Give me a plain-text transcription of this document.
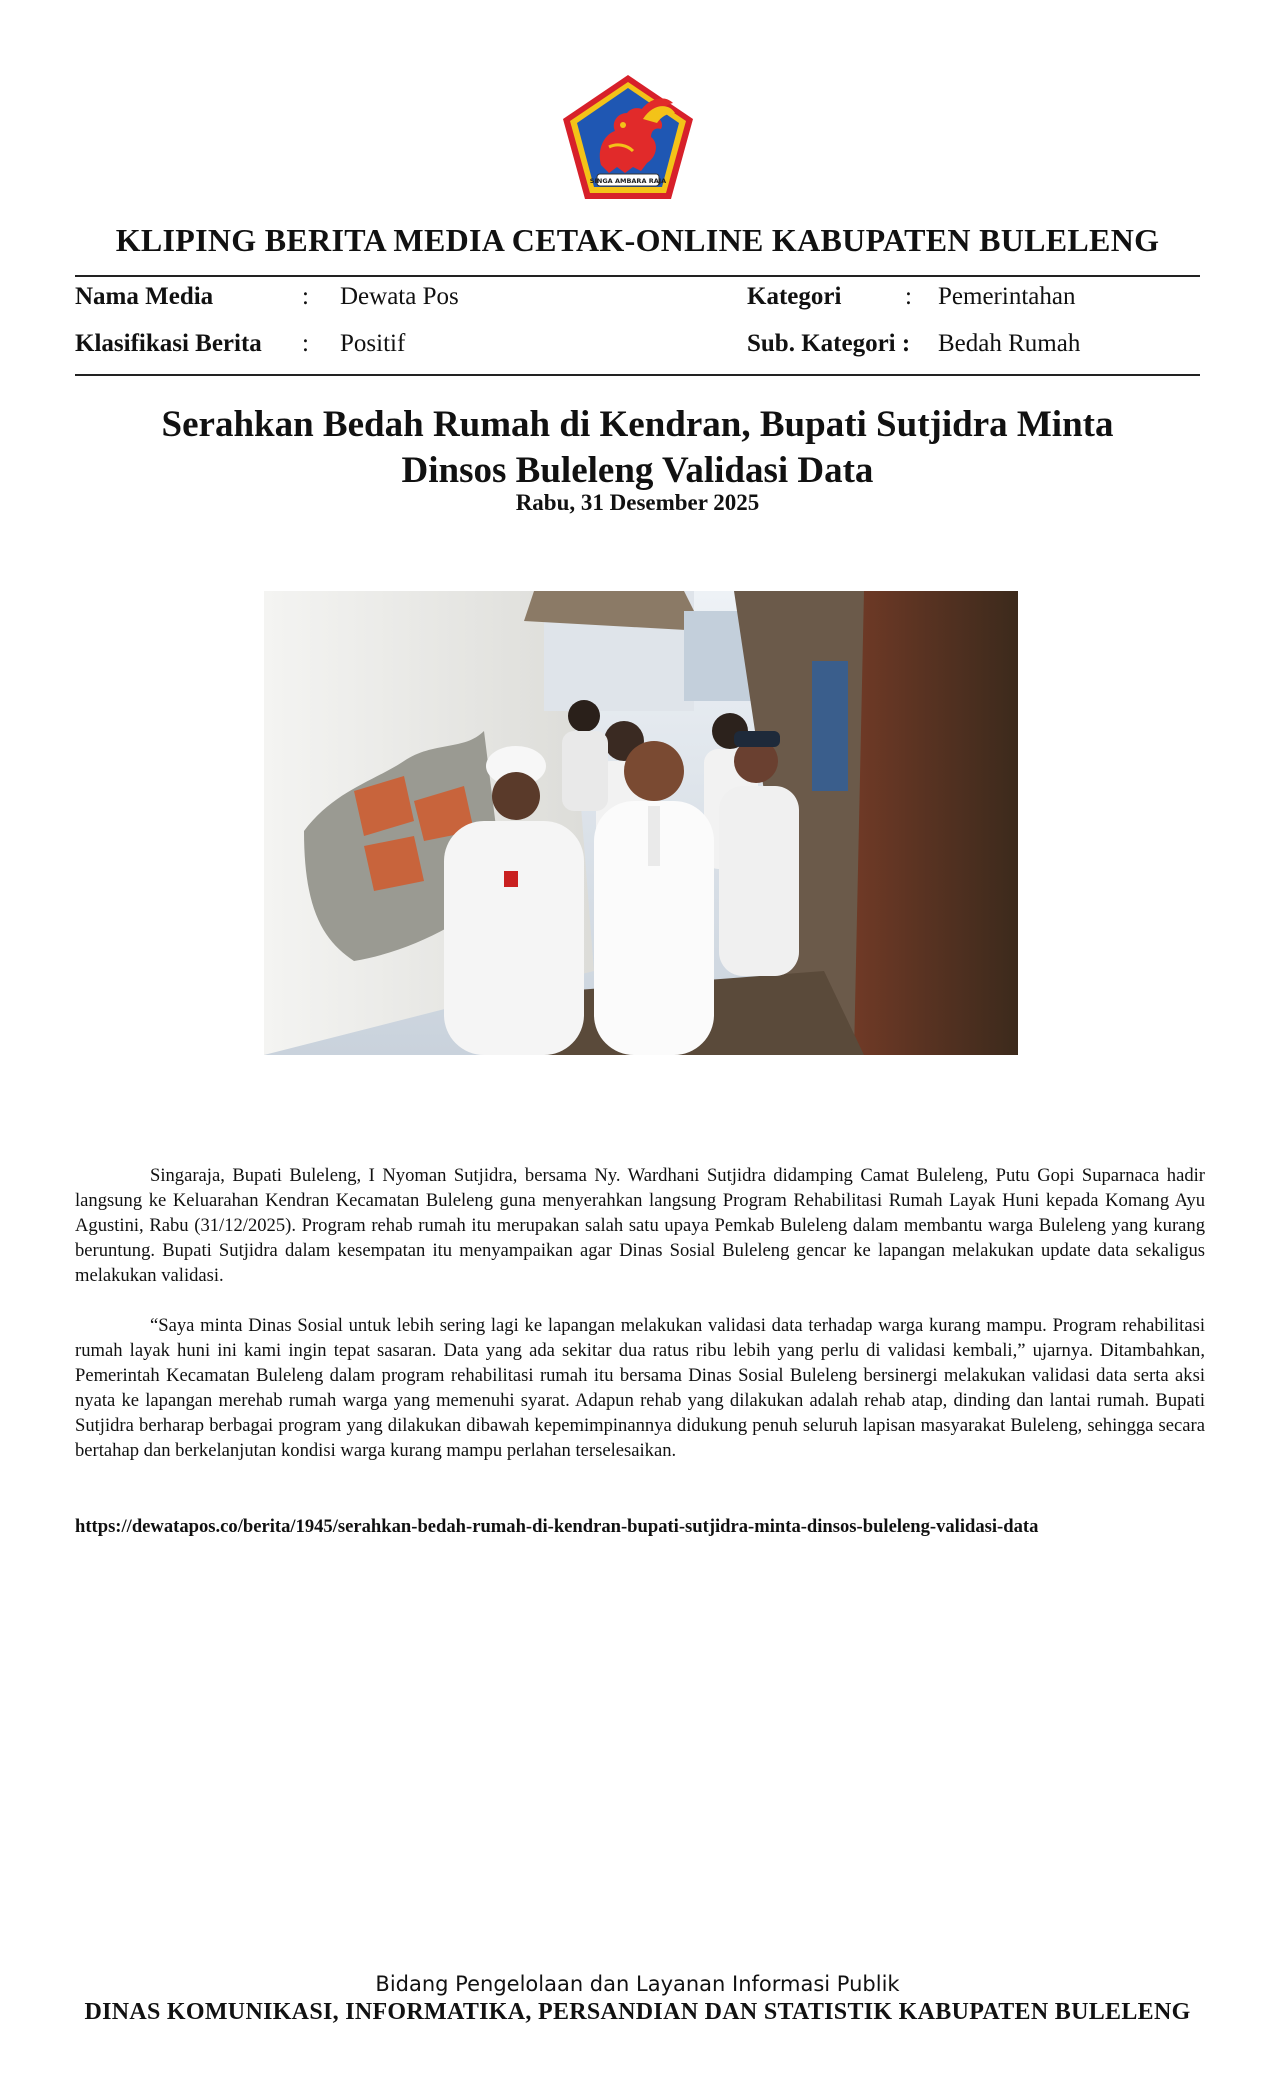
SINGA AMBARA RAJA
KLIPING BERITA MEDIA CETAK-ONLINE KABUPATEN BULELENG
Nama Media	: Dewata Pos	Kategori	: Pemerintahan
Klasifikasi Berita : Positif	Sub. Kategori : Bedah Rumah
Serahkan Bedah Rumah di Kendran, Bupati Sutjidra Minta
Dinsos Buleleng Validasi Data
Rabu, 31 Desember 2025

Singaraja, Bupati Buleleng, I Nyoman Sutjidra, bersama Ny. Wardhani Sutjidra didamping Camat Buleleng, Putu Gopi Suparnaca hadir langsung ke Keluarahan Kendran Kecamatan Buleleng guna menyerahkan langsung Program Rehabilitasi Rumah Layak Huni kepada Komang Ayu Agustini, Rabu (31/12/2025). Program rehab rumah itu merupakan salah satu upaya Pemkab Buleleng dalam membantu warga Buleleng yang kurang beruntung. Bupati Sutjidra dalam kesempatan itu menyampaikan agar Dinas Sosial Buleleng gencar ke lapangan melakukan update data sekaligus melakukan validasi.

“Saya minta Dinas Sosial untuk lebih sering lagi ke lapangan melakukan validasi data terhadap warga kurang mampu. Program rehabilitasi rumah layak huni ini kami ingin tepat sasaran. Data yang ada sekitar dua ratus ribu lebih yang perlu di validasi kembali,” ujarnya. Ditambahkan, Pemerintah Kecamatan Buleleng dalam program rehabilitasi rumah itu bersama Dinas Sosial Buleleng bersinergi melakukan validasi data serta aksi nyata ke lapangan merehab rumah warga yang memenuhi syarat. Adapun rehab yang dilakukan adalah rehab atap, dinding dan lantai rumah. Bupati Sutjidra berharap berbagai program yang dilakukan dibawah kepemimpinannya didukung penuh seluruh lapisan masyarakat Buleleng, sehingga secara bertahap dan berkelanjutan kondisi warga kurang mampu perlahan terselesaikan.

https://dewatapos.co/berita/1945/serahkan-bedah-rumah-di-kendran-bupati-sutjidra-minta-dinsos-buleleng-validasi-data
Bidang Pengelolaan dan Layanan Informasi Publik
DINAS KOMUNIKASI, INFORMATIKA, PERSANDIAN DAN STATISTIK KABUPATEN BULELENG
